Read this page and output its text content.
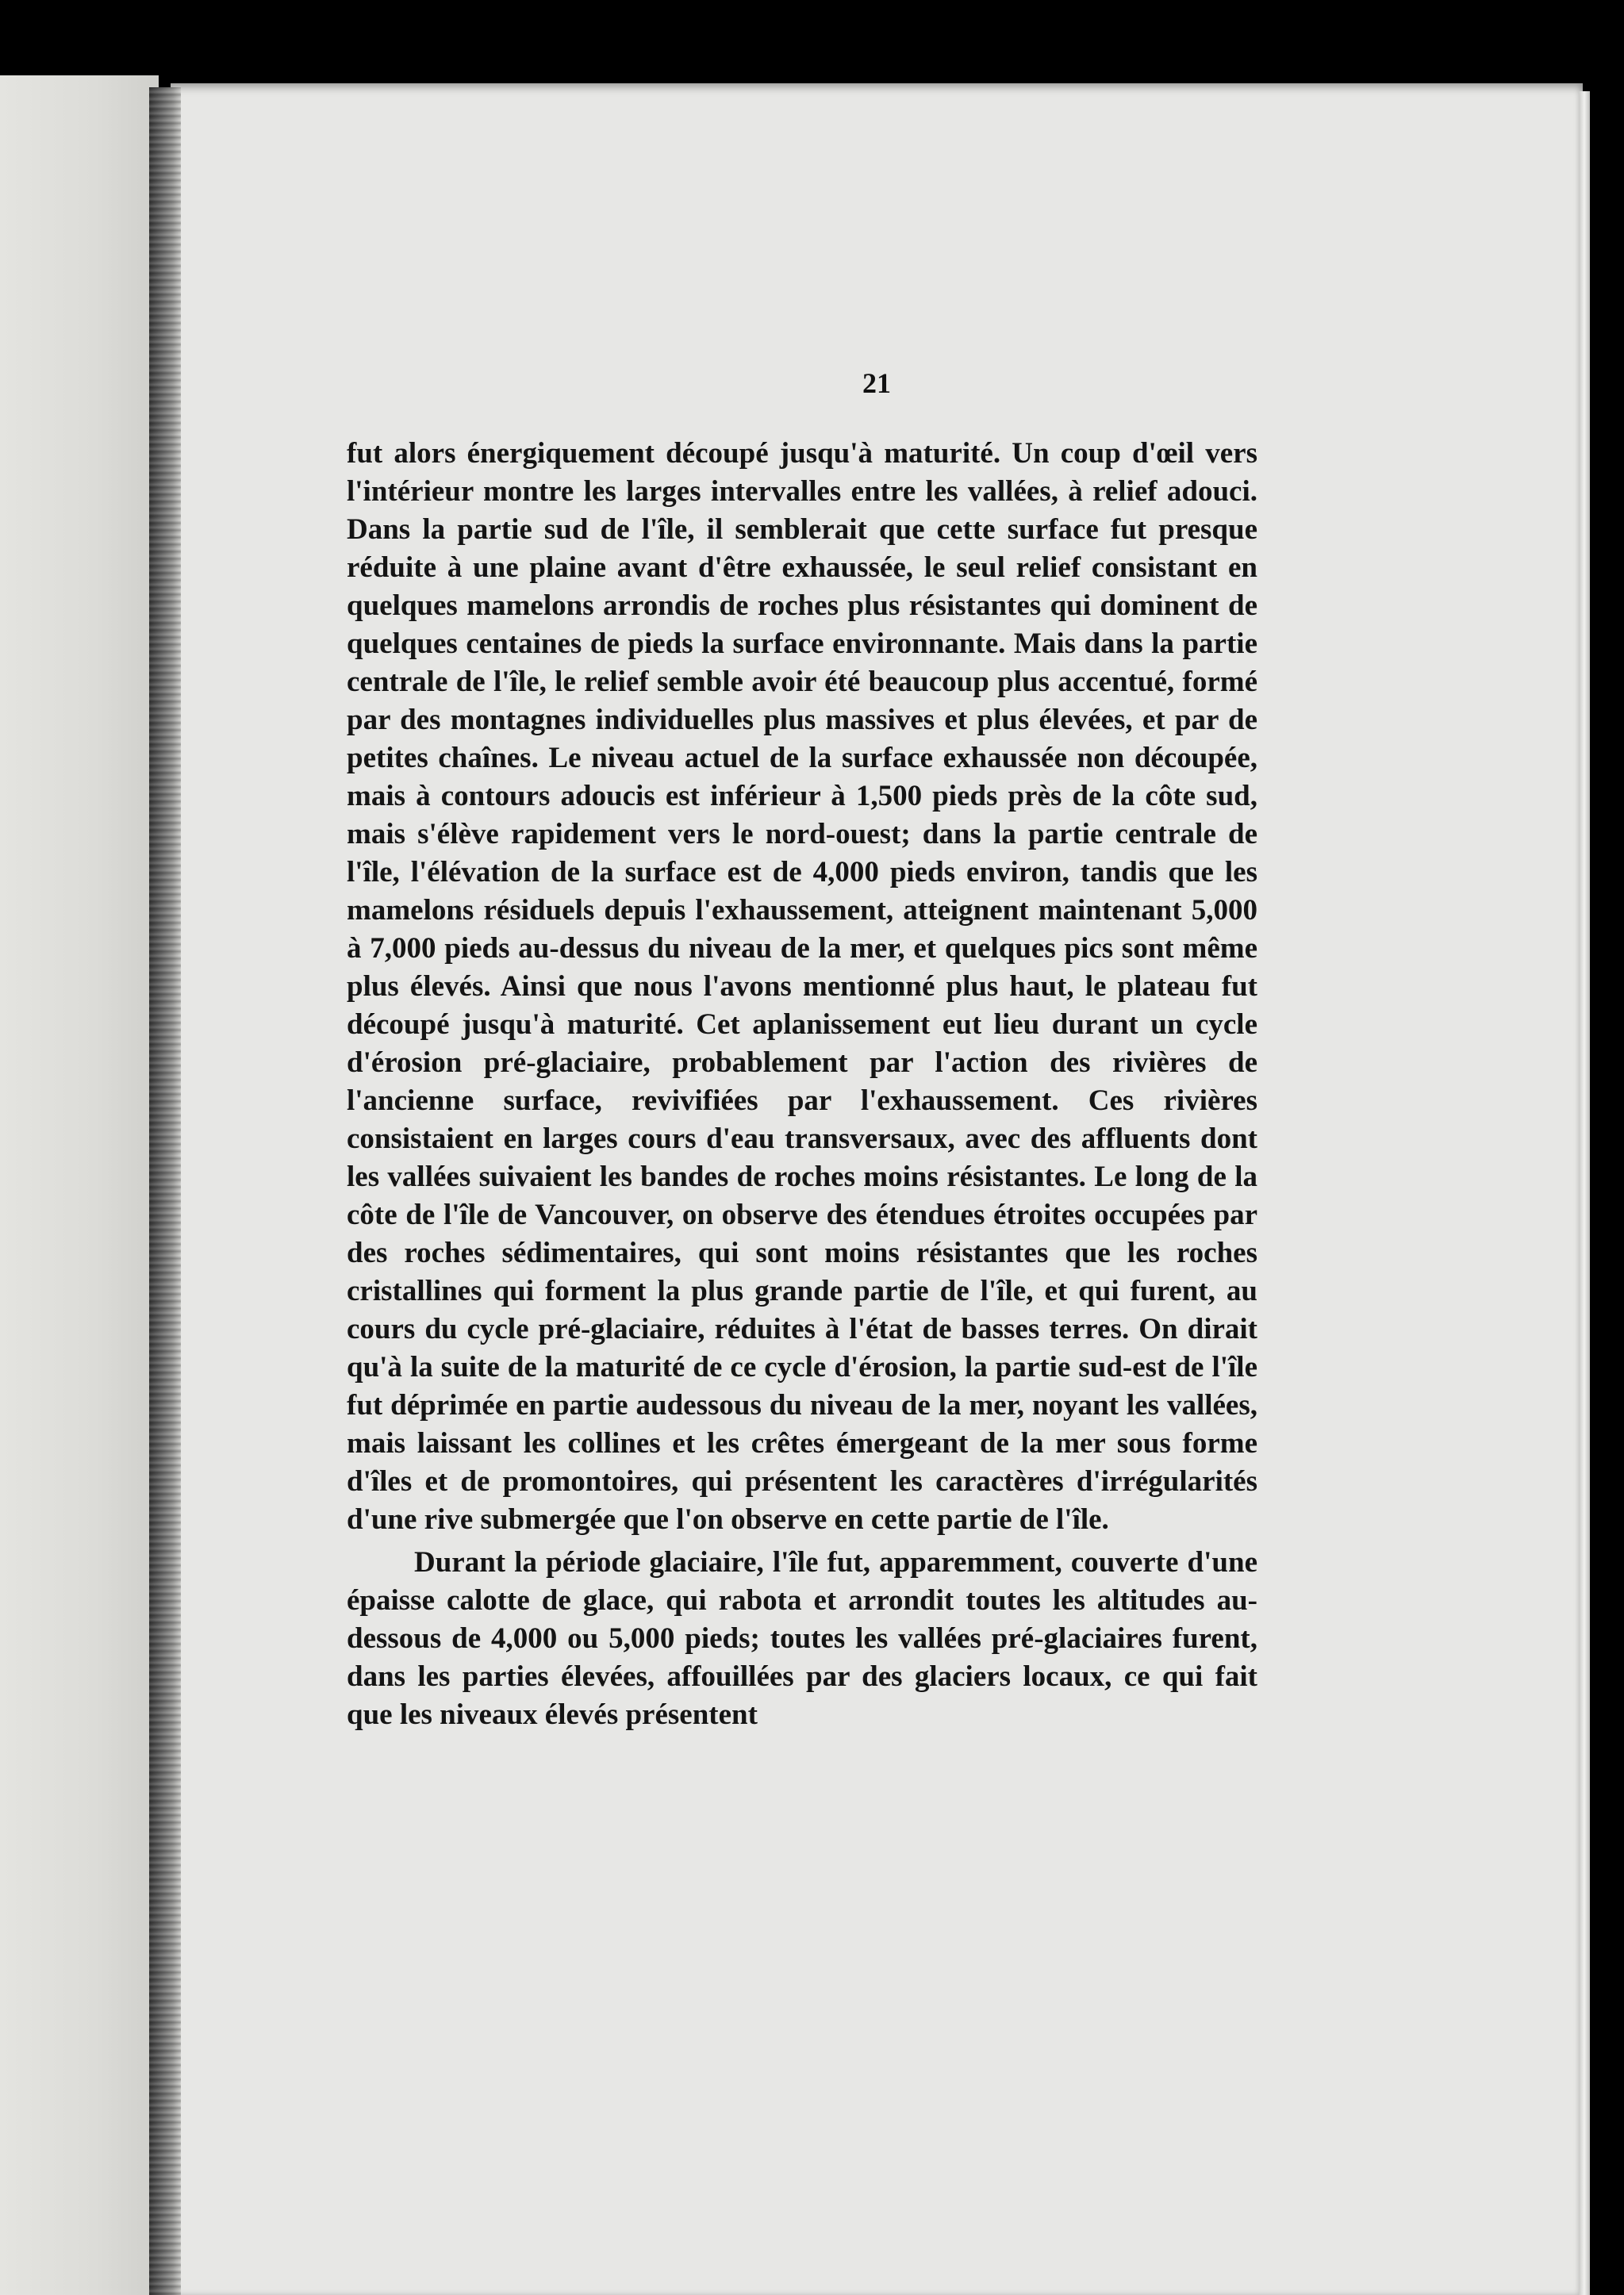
21

fut alors énergiquement découpé jusqu'à maturité. Un coup d'œil vers l'intérieur montre les larges intervalles entre les vallées, à relief adouci. Dans la partie sud de l'île, il semblerait que cette surface fut presque réduite à une plaine avant d'être exhaussée, le seul relief consistant en quelques mamelons arrondis de roches plus résistantes qui dominent de quelques centaines de pieds la surface environnante. Mais dans la partie centrale de l'île, le relief semble avoir été beaucoup plus accentué, formé par des montagnes individuelles plus massives et plus élevées, et par de petites chaînes. Le niveau actuel de la surface exhaussée non découpée, mais à contours adoucis est inférieur à 1,500 pieds près de la côte sud, mais s'élève rapidement vers le nord-ouest; dans la partie centrale de l'île, l'élévation de la surface est de 4,000 pieds environ, tandis que les mamelons résiduels depuis l'exhaussement, atteignent maintenant 5,000 à 7,000 pieds au-dessus du niveau de la mer, et quelques pics sont même plus élevés. Ainsi que nous l'avons mentionné plus haut, le plateau fut découpé jusqu'à maturité. Cet aplanissement eut lieu durant un cycle d'érosion pré-glaciaire, probablement par l'action des rivières de l'ancienne surface, revivifiées par l'exhaussement. Ces rivières consistaient en larges cours d'eau transversaux, avec des affluents dont les vallées suivaient les bandes de roches moins résistantes. Le long de la côte de l'île de Vancouver, on observe des étendues étroites occupées par des roches sédimentaires, qui sont moins résistantes que les roches cristallines qui forment la plus grande partie de l'île, et qui furent, au cours du cycle pré-glaciaire, réduites à l'état de basses terres. On dirait qu'à la suite de la maturité de ce cycle d'érosion, la partie sud-est de l'île fut déprimée en partie audessous du niveau de la mer, noyant les vallées, mais laissant les collines et les crêtes émergeant de la mer sous forme d'îles et de promontoires, qui présentent les caractères d'irrégularités d'une rive submergée que l'on observe en cette partie de l'île.

Durant la période glaciaire, l'île fut, apparemment, couverte d'une épaisse calotte de glace, qui rabota et arrondit toutes les altitudes au-dessous de 4,000 ou 5,000 pieds; toutes les vallées pré-glaciaires furent, dans les parties élevées, affouillées par des glaciers locaux, ce qui fait que les niveaux élevés présentent
